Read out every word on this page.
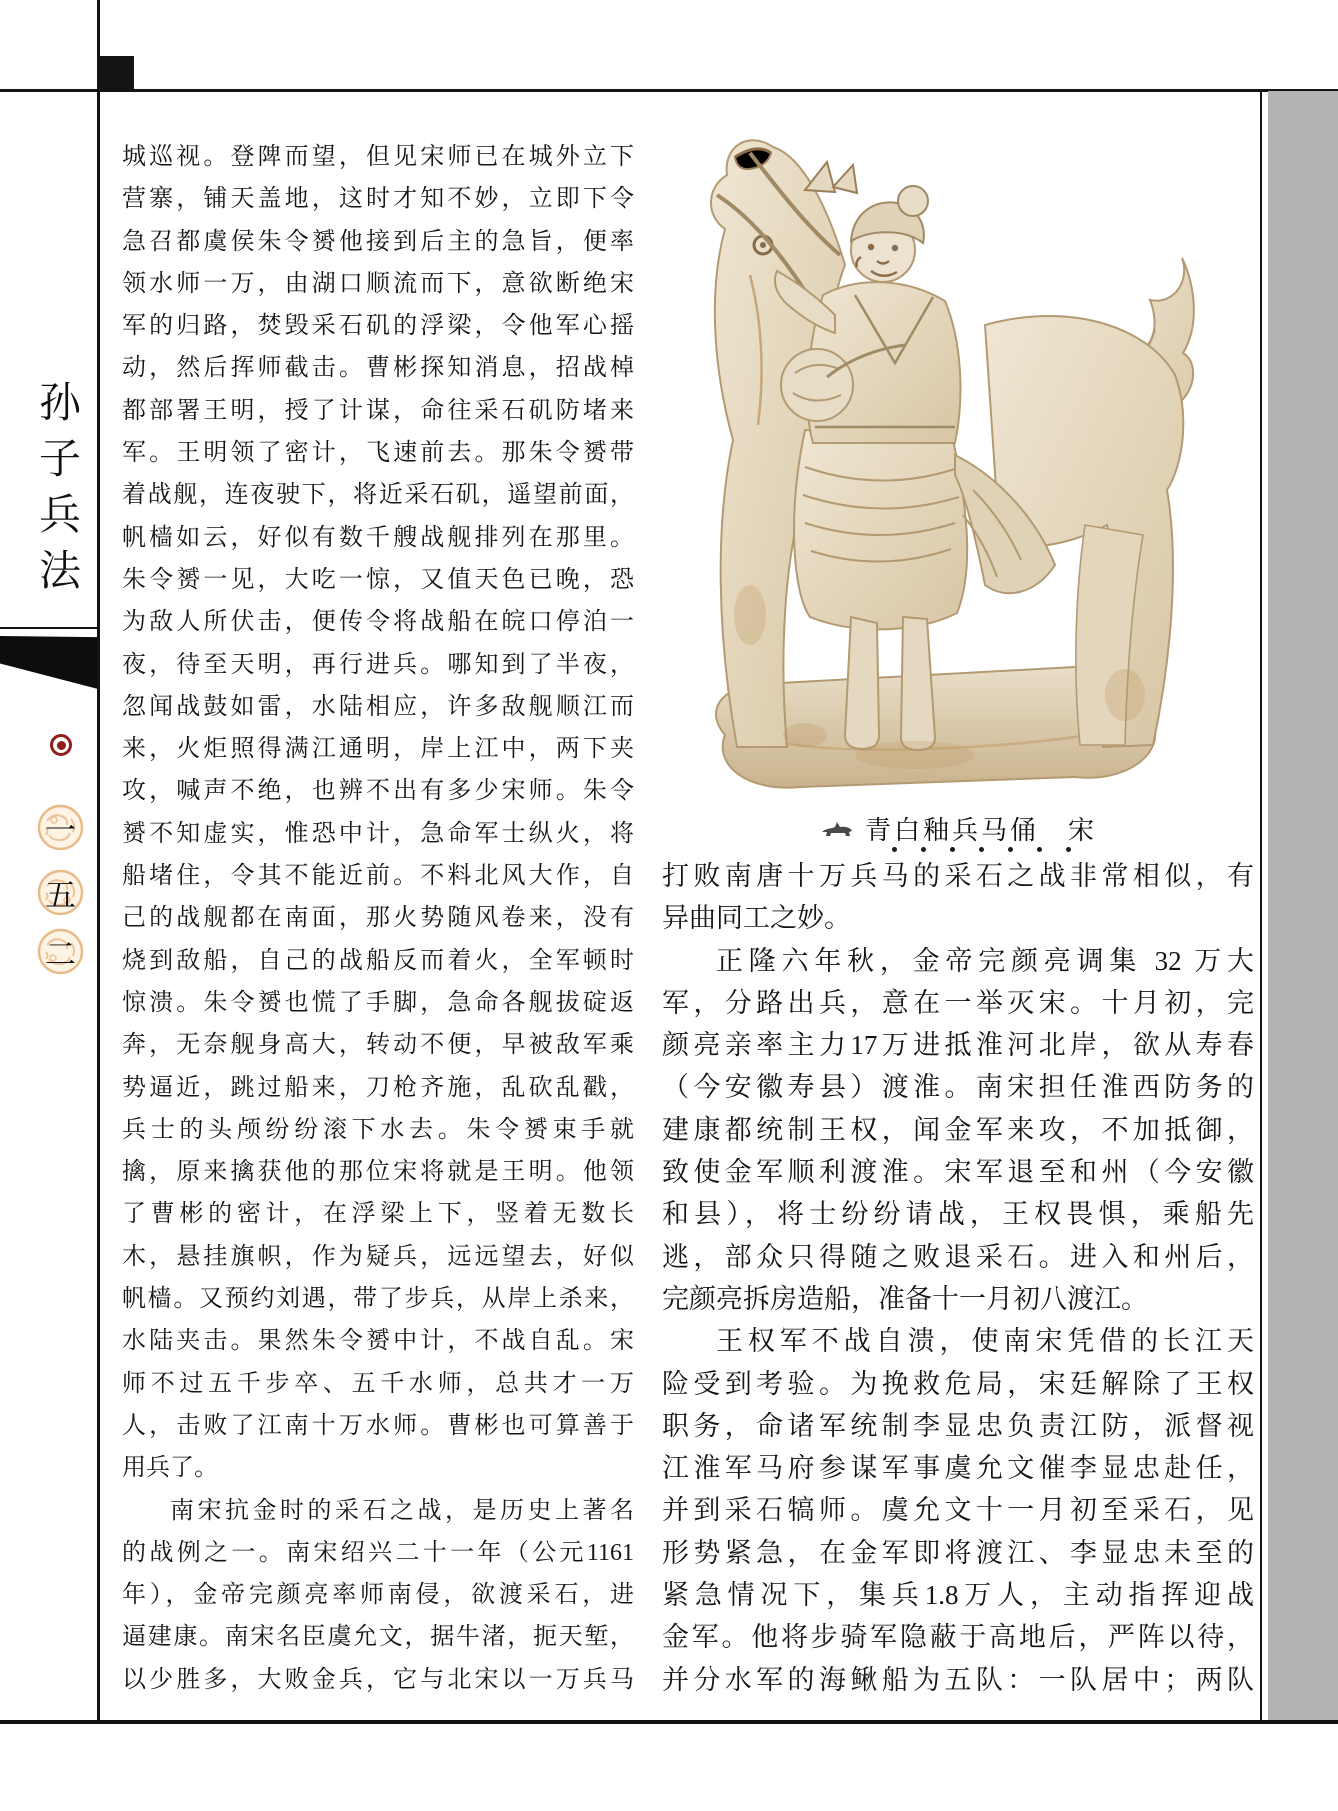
孙
子
兵
法
一
五
二
青白釉兵马俑　宋
城巡视。登陴而望，但见宋师已在城外立下
营寨，铺天盖地，这时才知不妙，立即下令
急召都虞侯朱令赟他接到后主的急旨，便率
领水师一万，由湖口顺流而下，意欲断绝宋
军的归路，焚毁采石矶的浮梁，令他军心摇
动，然后挥师截击。曹彬探知消息，招战棹
都部署王明，授了计谋，命往采石矶防堵来
军。王明领了密计，飞速前去。那朱令赟带
着战舰，连夜驶下，将近采石矶，遥望前面，
帆樯如云，好似有数千艘战舰排列在那里。
朱令赟一见，大吃一惊，又值天色已晚，恐
为敌人所伏击，便传令将战船在皖口停泊一
夜，待至天明，再行进兵。哪知到了半夜，
忽闻战鼓如雷，水陆相应，许多敌舰顺江而
来，火炬照得满江通明，岸上江中，两下夹
攻，喊声不绝，也辨不出有多少宋师。朱令
赟不知虚实，惟恐中计，急命军士纵火，将
船堵住，令其不能近前。不料北风大作，自
己的战舰都在南面，那火势随风卷来，没有
烧到敌船，自己的战船反而着火，全军顿时
惊溃。朱令赟也慌了手脚，急命各舰拔碇返
奔，无奈舰身高大，转动不便，早被敌军乘
势逼近，跳过船来，刀枪齐施，乱砍乱戳，
兵士的头颅纷纷滚下水去。朱令赟束手就
擒，原来擒获他的那位宋将就是王明。他领
了曹彬的密计，在浮梁上下，竖着无数长
木，悬挂旗帜，作为疑兵，远远望去，好似
帆樯。又预约刘遇，带了步兵，从岸上杀来，
水陆夹击。果然朱令赟中计，不战自乱。宋
师不过五千步卒、五千水师，总共才一万
人，击败了江南十万水师。曹彬也可算善于
用兵了。
南宋抗金时的采石之战，是历史上著名
的战例之一。南宋绍兴二十一年（公元1161
年），金帝完颜亮率师南侵，欲渡采石，进
逼建康。南宋名臣虞允文，据牛渚，扼天堑，
以少胜多，大败金兵，它与北宋以一万兵马
打败南唐十万兵马的采石之战非常相似，有
异曲同工之妙。
正隆六年秋，金帝完颜亮调集 32 万大
军，分路出兵，意在一举灭宋。十月初，完
颜亮亲率主力17万进抵淮河北岸，欲从寿春
（今安徽寿县）渡淮。南宋担任淮西防务的
建康都统制王权，闻金军来攻，不加抵御，
致使金军顺利渡淮。宋军退至和州（今安徽
和县），将士纷纷请战，王权畏惧，乘船先
逃，部众只得随之败退采石。进入和州后，
完颜亮拆房造船，准备十一月初八渡江。
王权军不战自溃，使南宋凭借的长江天
险受到考验。为挽救危局，宋廷解除了王权
职务，命诸军统制李显忠负责江防，派督视
江淮军马府参谋军事虞允文催李显忠赴任，
并到采石犒师。虞允文十一月初至采石，见
形势紧急，在金军即将渡江、李显忠未至的
紧急情况下，集兵1.8万人，主动指挥迎战
金军。他将步骑军隐蔽于高地后，严阵以待，
并分水军的海鳅船为五队：一队居中；两队
